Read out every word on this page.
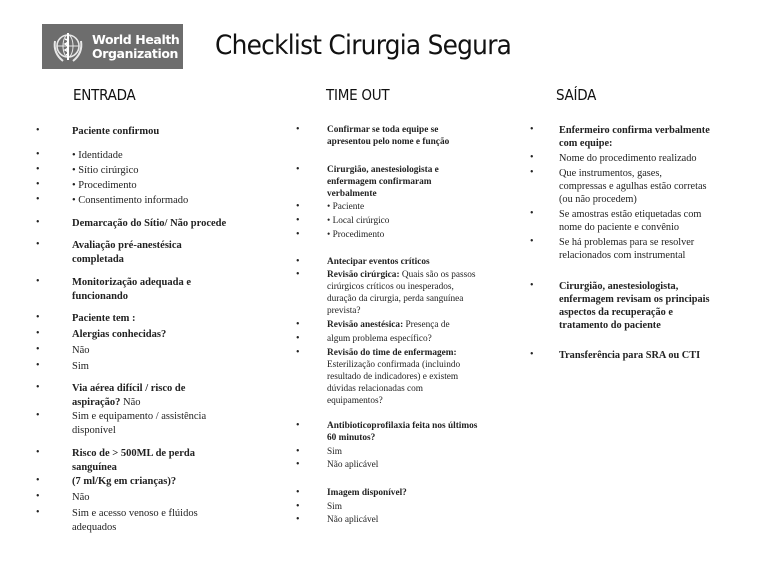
World Health
Organization Checklist Cirurgia Segura
ENTRADA	TIME OUT	SAÍDA
•	Paciente confirmou
•	• Identidade
•	• Sítio cirúrgico
•	• Procedimento
•	• Consentimento informado
•	Demarcação do Sítio/ Não procede
•	Avaliação pré-anestésica
completada
•	Monitorização adequada e
funcionando
•	Paciente tem :
•	Alergias conhecidas?
•	Não
•	Sim
•	Via aérea difícil / risco de
aspiração? Não
•	Sim e equipamento / assistência
disponível
•	Risco de > 500ML de perda
sanguínea
•	(7 ml/Kg em crianças)?
•	Não
•	Sim e acesso venoso e flúidos
adequados
•	Confirmar se toda equipe se
apresentou pelo nome e função
•	Cirurgião, anestesiologista e
enfermagem confirmaram
verbalmente
•	• Paciente
•	• Local cirúrgico
•	• Procedimento
•	Antecipar eventos críticos
•	Revisão cirúrgica: Quais são os passos
cirúrgicos críticos ou inesperados,
duração da cirurgia, perda sanguínea
prevista?
•	Revisão anestésica: Presença de
•	algum problema específico?
•	Revisão do time de enfermagem:
Esterilização confirmada (incluindo
resultado de indicadores) e existem
dúvidas relacionadas com
equipamentos?
•	Antibioticoprofilaxia feita nos últimos
60 minutos?
•	Sim
•	Não aplicável
•	Imagem disponível?
•	Sim
•	Não aplicável
• Enfermeiro confirma verbalmente
com equipe:
• Nome do procedimento realizado
• Que instrumentos, gases,
compressas e agulhas estão corretas
(ou não procedem)
• Se amostras estão etiquetadas com
nome do paciente e convênio
• Se há problemas para se resolver
relacionados com instrumental
• Cirurgião, anestesiologista,
enfermagem revisam os principais
aspectos da recuperação e
tratamento do paciente
• Transferência para SRA ou CTI
